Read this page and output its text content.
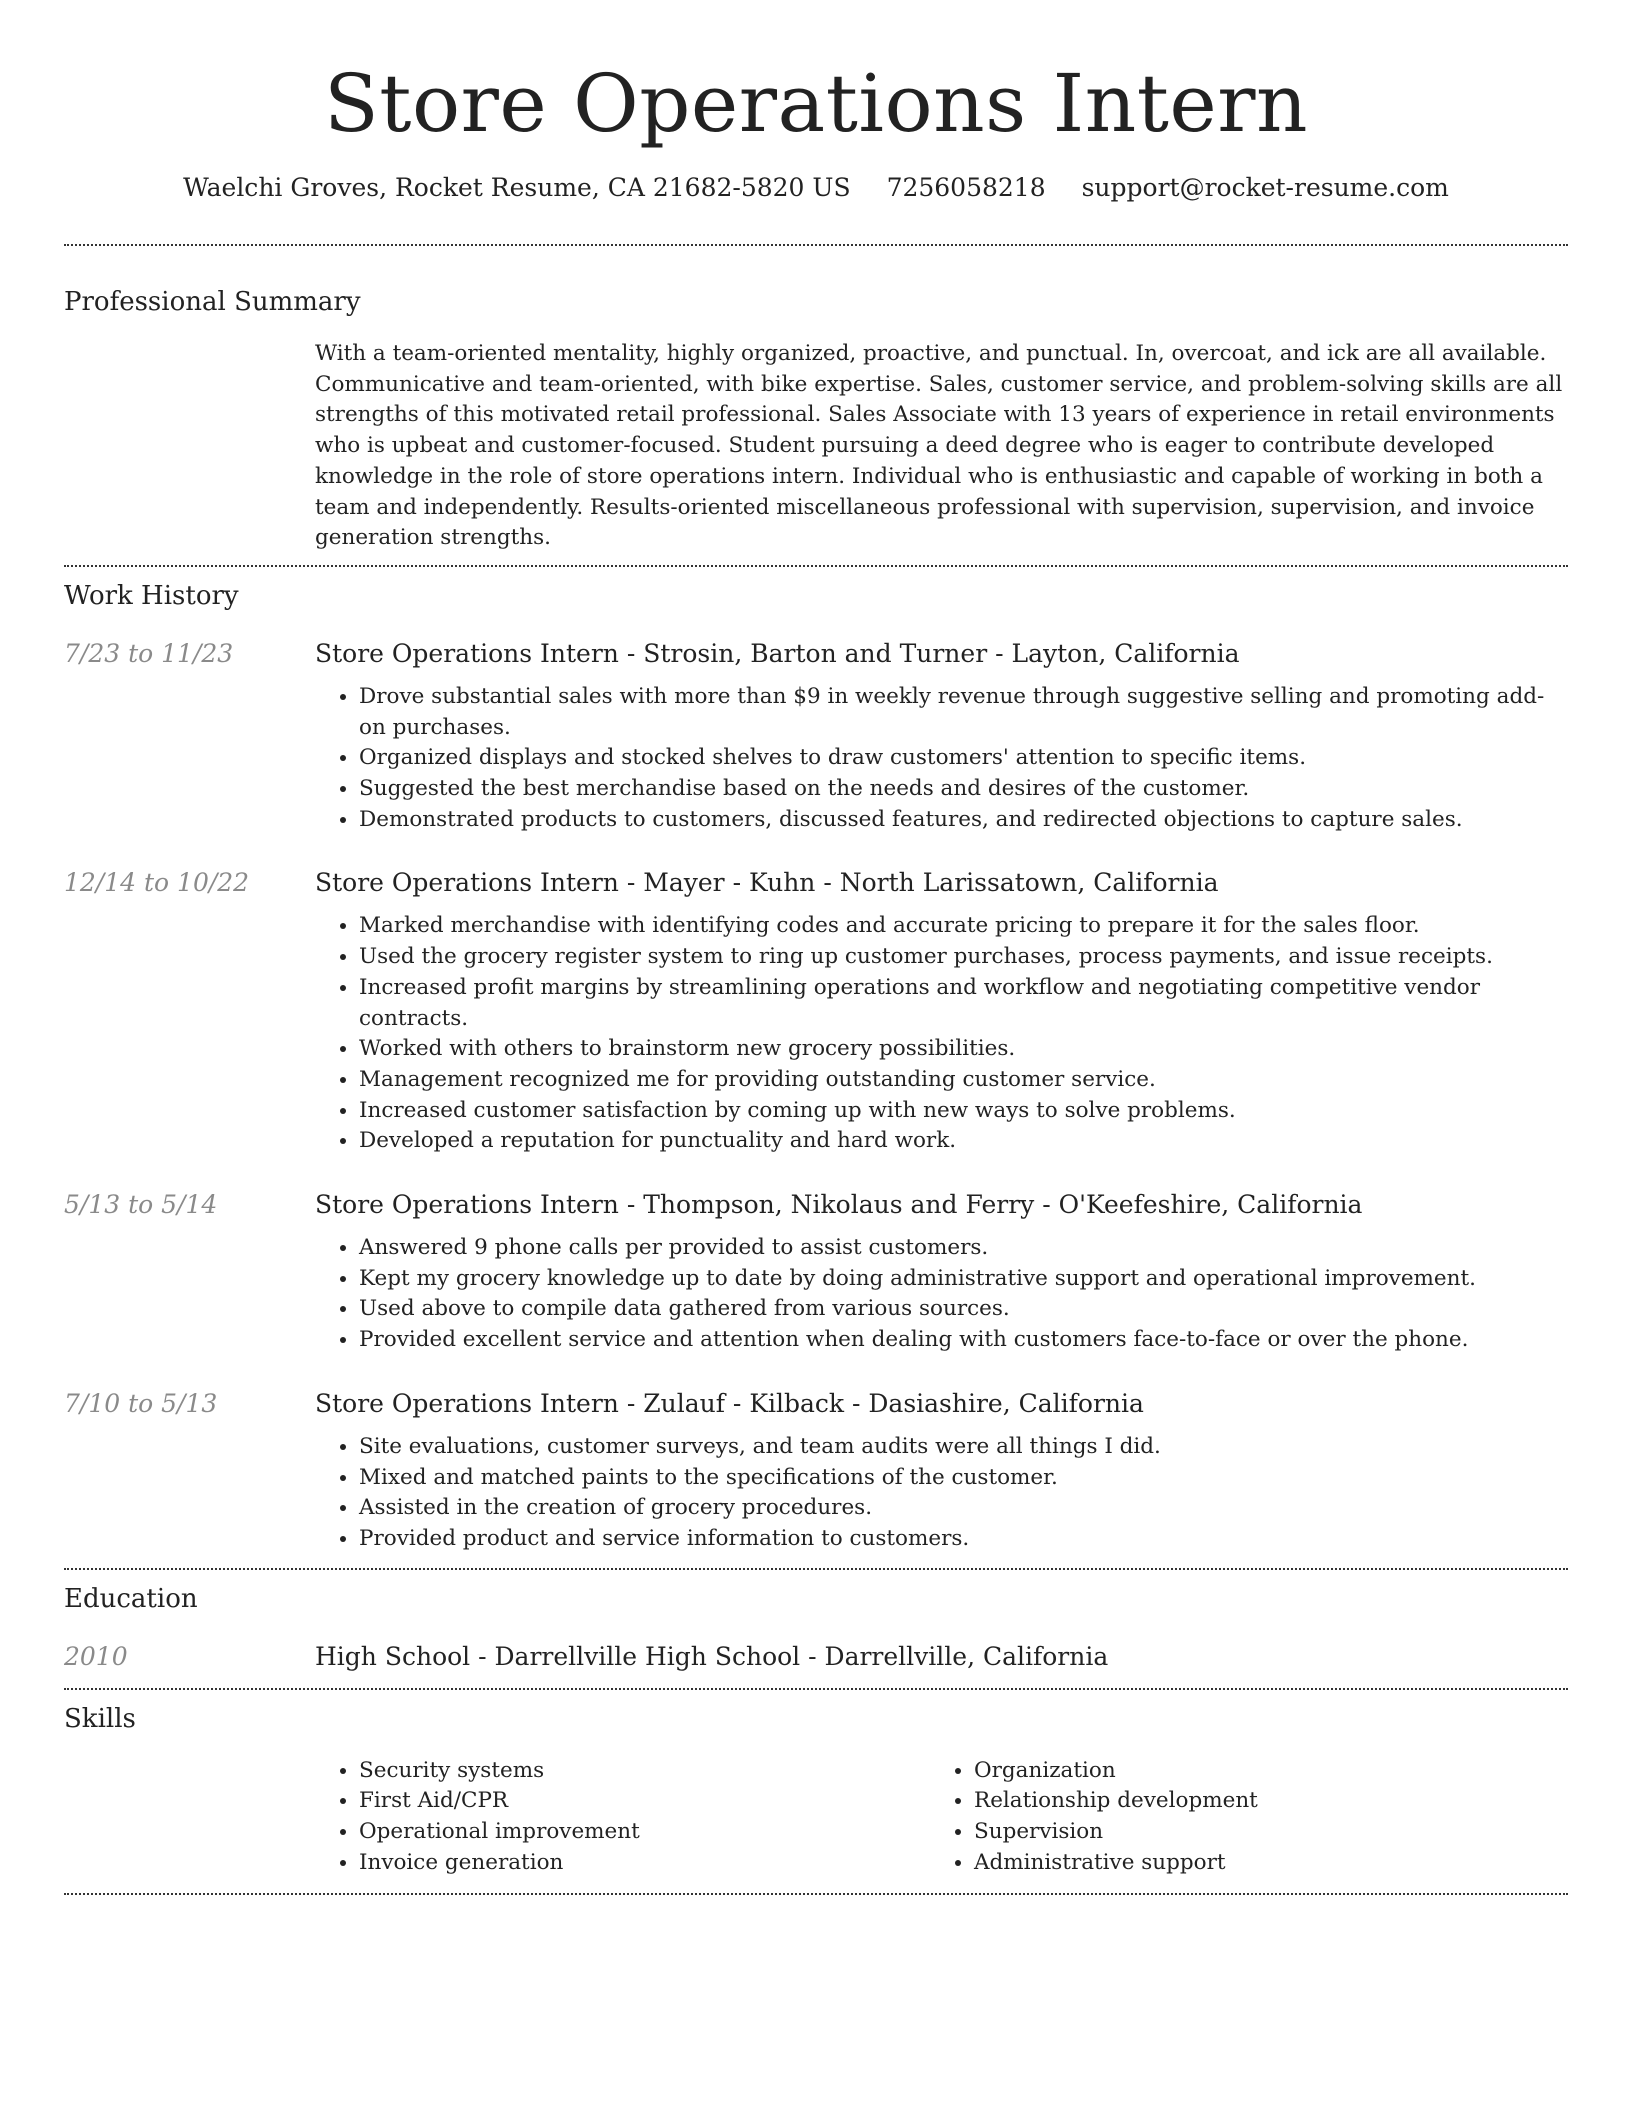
Store Operations Intern
Waelchi Groves, Rocket Resume, CA 21682-5820 US 7256058218 support@rocket-resume.com
Professional Summary

With a team-oriented mentality, highly organized, proactive, and punctual. In, overcoat, and ick are all available. Communicative and team-oriented, with bike expertise. Sales, customer service, and problem-solving skills are all strengths of this motivated retail professional. Sales Associate with 13 years of experience in retail environments who is upbeat and customer-focused. Student pursuing a deed degree who is eager to contribute developed knowledge in the role of store operations intern. Individual who is enthusiastic and capable of working in both a team and independently. Results-oriented miscellaneous professional with supervision, supervision, and invoice generation strengths.

Work History
7/23 to 11/23	Store Operations Intern - Strosin, Barton and Turner - Layton, California
• Drove substantial sales with more than $9 in weekly revenue through suggestive selling and promoting add-on purchases.
• Organized displays and stocked shelves to draw customers' attention to specific items.
• Suggested the best merchandise based on the needs and desires of the customer.
• Demonstrated products to customers, discussed features, and redirected objections to capture sales.
12/14 to 10/22	Store Operations Intern - Mayer - Kuhn - North Larissatown, California
• Marked merchandise with identifying codes and accurate pricing to prepare it for the sales floor.
• Used the grocery register system to ring up customer purchases, process payments, and issue receipts.
• Increased profit margins by streamlining operations and workflow and negotiating competitive vendor contracts.
• Worked with others to brainstorm new grocery possibilities.
• Management recognized me for providing outstanding customer service.
• Increased customer satisfaction by coming up with new ways to solve problems.
• Developed a reputation for punctuality and hard work.
5/13 to 5/14	Store Operations Intern - Thompson, Nikolaus and Ferry - O'Keefeshire, California
• Answered 9 phone calls per provided to assist customers.
• Kept my grocery knowledge up to date by doing administrative support and operational improvement.
• Used above to compile data gathered from various sources.
• Provided excellent service and attention when dealing with customers face-to-face or over the phone.
7/10 to 5/13	Store Operations Intern - Zulauf - Kilback - Dasiashire, California
• Site evaluations, customer surveys, and team audits were all things I did.
• Mixed and matched paints to the specifications of the customer.
• Assisted in the creation of grocery procedures.
• Provided product and service information to customers.
Education
2010	High School - Darrellville High School - Darrellville, California
Skills
• Security systems
• First Aid/CPR
• Operational improvement
• Invoice generation
• Organization
• Relationship development
• Supervision
• Administrative support
